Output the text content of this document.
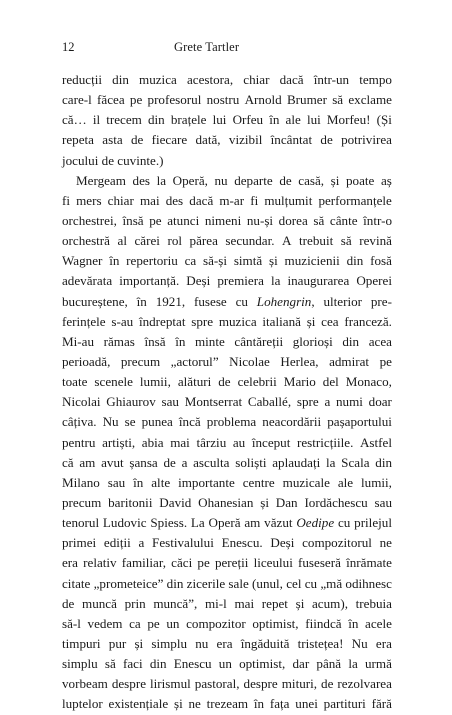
12	Grete Tartler
reducții din muzica acestora, chiar dacă într-un tempo
care-l făcea pe profesorul nostru Arnold Brumer să exclame
că… il trecem din brațele lui Orfeu în ale lui Morfeu! (Și
repeta asta de fiecare dată, vizibil încântat de potrivirea
jocului de cuvinte.)
Mergeam des la Operă, nu departe de casă, și poate aș
fi mers chiar mai des dacă m-ar fi mulțumit performanțele
orchestrei, însă pe atunci nimeni nu-și dorea să cânte într-o
orchestră al cărei rol părea secundar. A trebuit să revină
Wagner în repertoriu ca să-și simtă și muzicienii din fosă
adevărata importanță. Deși premiera la inaugurarea Operei
bucureștene, în 1921, fusese cu Lohengrin, ulterior pre-
ferințele s-au îndreptat spre muzica italiană și cea franceză.
Mi-au rămas însă în minte cântăreții glorioși din acea
perioadă, precum „actorul” Nicolae Herlea, admirat pe
toate scenele lumii, alături de celebrii Mario del Monaco,
Nicolai Ghiaurov sau Montserrat Caballé, spre a numi doar
câțiva. Nu se punea încă problema neacordării pașaportului
pentru artiști, abia mai târziu au început restricțiile. Astfel
că am avut șansa de a asculta soliști aplaudați la Scala din
Milano sau în alte importante centre muzicale ale lumii,
precum baritonii David Ohanesian și Dan Iordăchescu sau
tenorul Ludovic Spiess. La Operă am văzut Oedipe cu prilejul
primei ediții a Festivalului Enescu. Deși compozitorul ne
era relativ familiar, căci pe pereții liceului fuseseră înrămate
citate „prometeice” din zicerile sale (unul, cel cu „mă odihnesc
de muncă prin muncă”, mi-l mai repet și acum), trebuia
să-l vedem ca pe un compozitor optimist, fiindcă în acele
timpuri pur și simplu nu era îngăduită tristețea! Nu era
simplu să faci din Enescu un optimist, dar până la urmă
vorbeam despre lirismul pastoral, despre mituri, de rezolvarea
luptelor existențiale și ne trezeam în fața unei partituri fără
